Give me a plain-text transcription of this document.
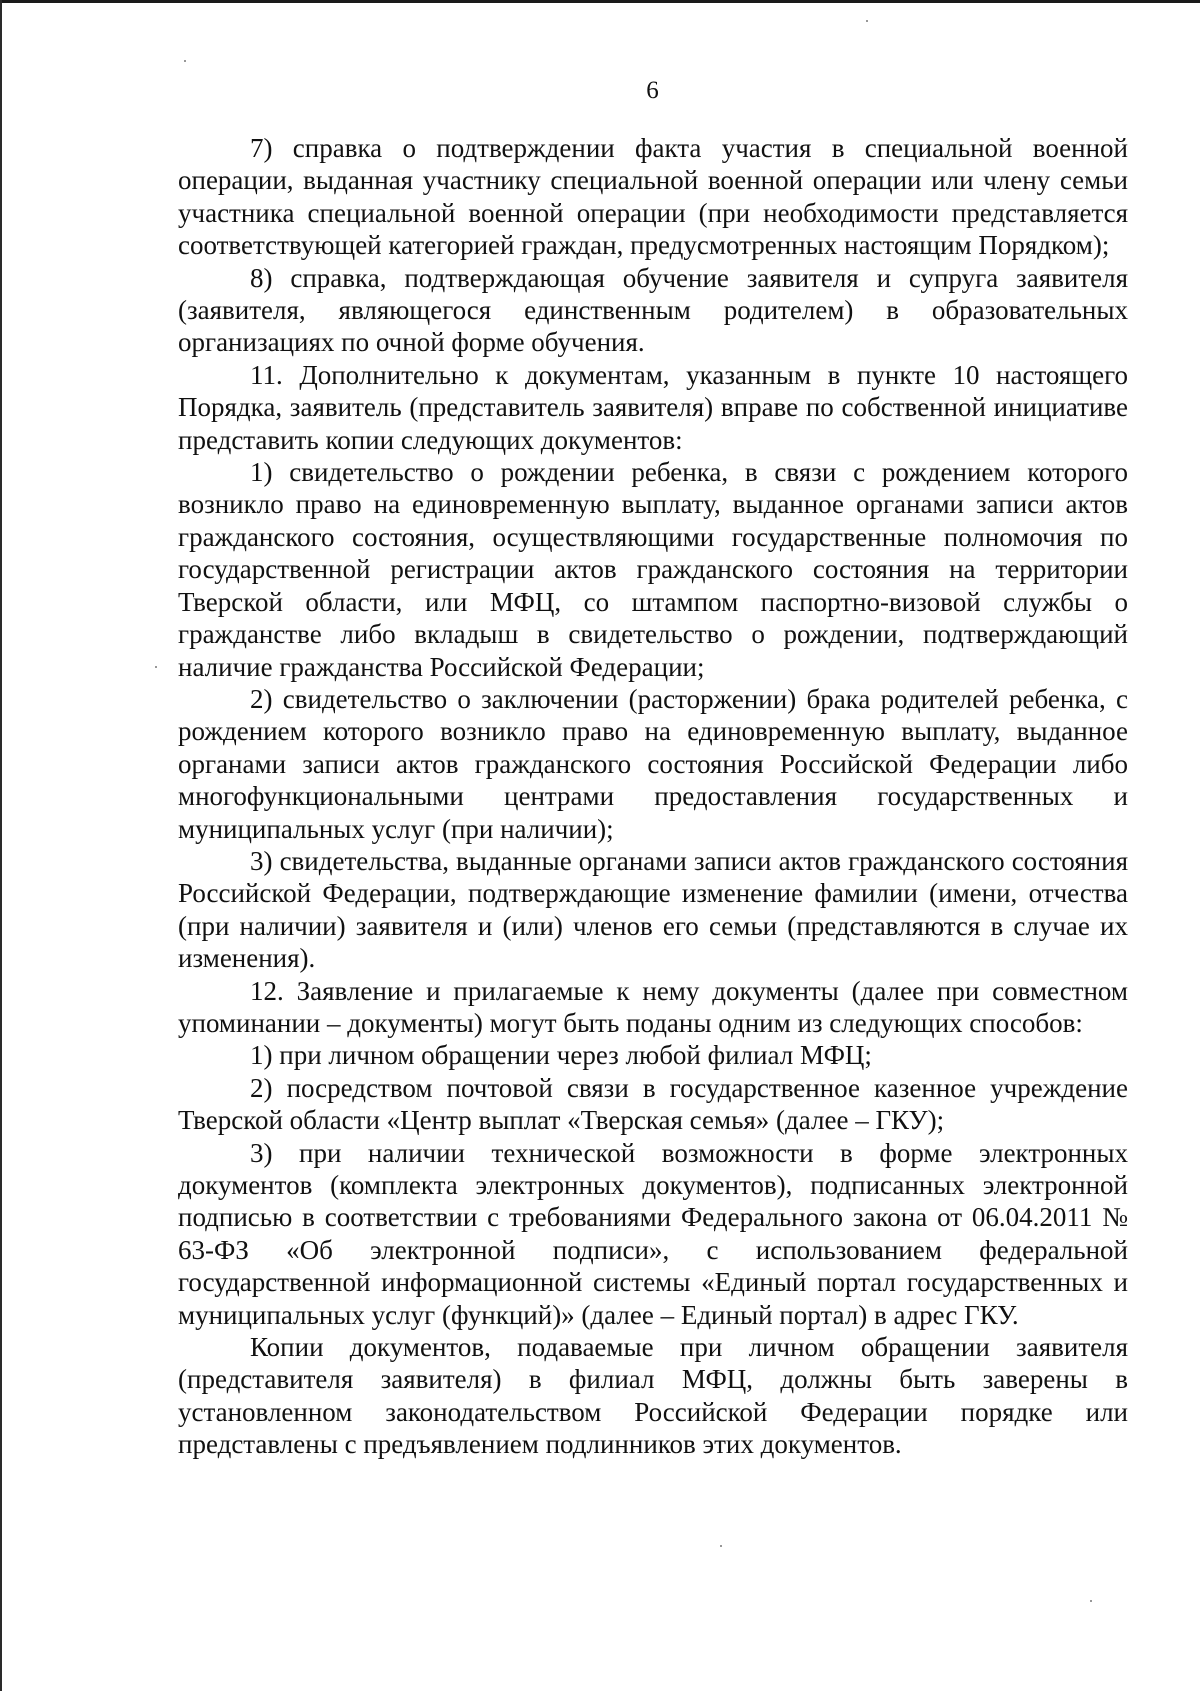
6

7) справка о подтверждении факта участия в специальной военной операции, выданная участнику специальной военной операции или члену семьи участника специальной военной операции (при необходимости представляется соответствующей категорией граждан, предусмотренных настоящим Порядком);

8) справка, подтверждающая обучение заявителя и супруга заявителя (заявителя, являющегося единственным родителем) в образовательных организациях по очной форме обучения.

11. Дополнительно к документам, указанным в пункте 10 настоящего Порядка, заявитель (представитель заявителя) вправе по собственной инициативе представить копии следующих документов:

1) свидетельство о рождении ребенка, в связи с рождением которого возникло право на единовременную выплату, выданное органами записи актов гражданского состояния, осуществляющими государственные полномочия по государственной регистрации актов гражданского состояния на территории Тверской области, или МФЦ, со штампом паспортно-визовой службы о гражданстве либо вкладыш в свидетельство о рождении, подтверждающий наличие гражданства Российской Федерации;

2) свидетельство о заключении (расторжении) брака родителей ребенка, с рождением которого возникло право на единовременную выплату, выданное органами записи актов гражданского состояния Российской Федерации либо многофункциональными центрами предоставления государственных и муниципальных услуг (при наличии);

3) свидетельства, выданные органами записи актов гражданского состояния Российской Федерации, подтверждающие изменение фамилии (имени, отчества (при наличии) заявителя и (или) членов его семьи (представляются в случае их изменения).

12. Заявление и прилагаемые к нему документы (далее при совместном упоминании – документы) могут быть поданы одним из следующих способов:

1) при личном обращении через любой филиал МФЦ;

2) посредством почтовой связи в государственное казенное учреждение Тверской области «Центр выплат «Тверская семья» (далее – ГКУ);

3) при наличии технической возможности в форме электронных документов (комплекта электронных документов), подписанных электронной подписью в соответствии с требованиями Федерального закона от 06.04.2011 № 63-ФЗ «Об электронной подписи», с использованием федеральной государственной информационной системы «Единый портал государственных и муниципальных услуг (функций)» (далее – Единый портал) в адрес ГКУ.

Копии документов, подаваемые при личном обращении заявителя (представителя заявителя) в филиал МФЦ, должны быть заверены в установленном законодательством Российской Федерации порядке или представлены с предъявлением подлинников этих документов.
